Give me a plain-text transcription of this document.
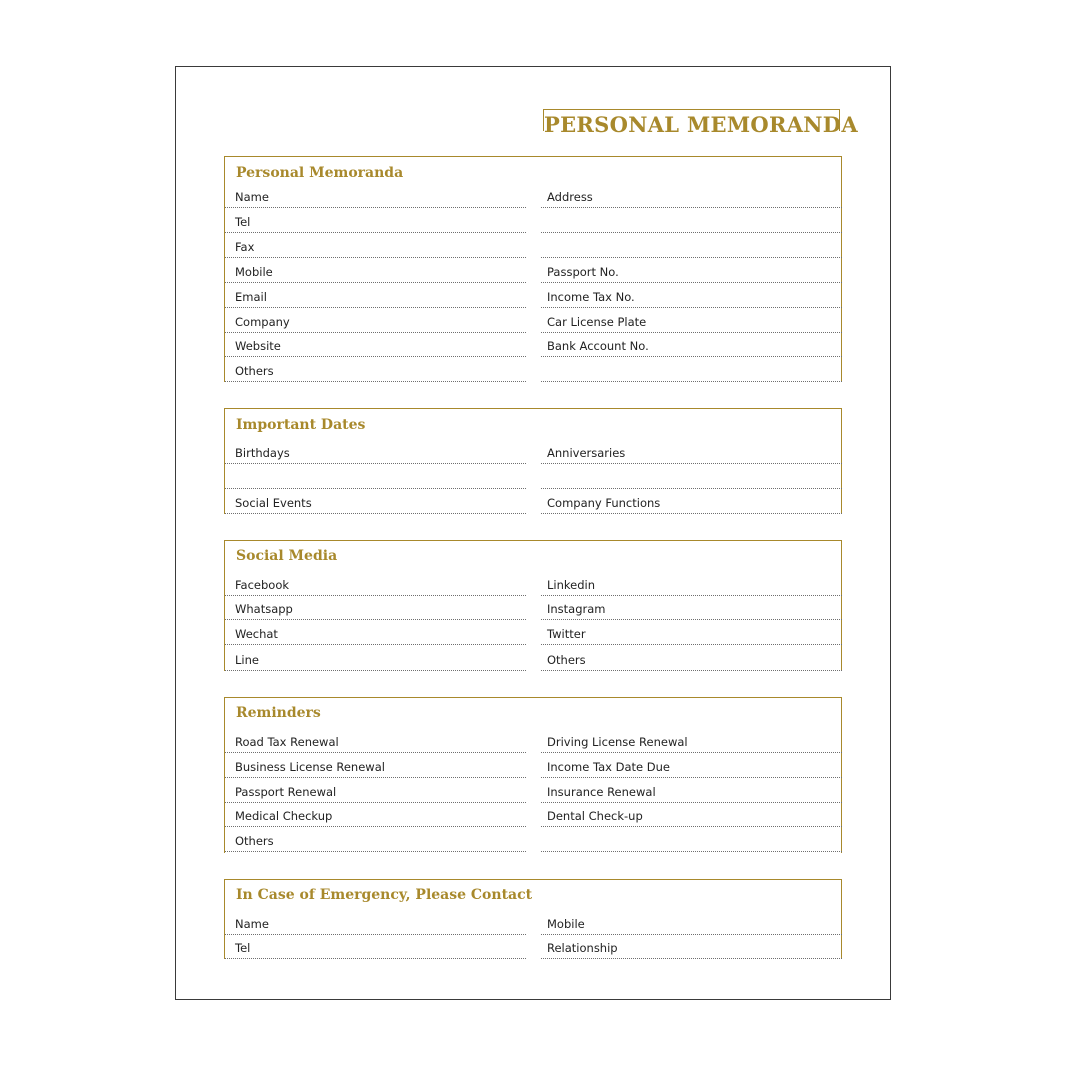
PERSONAL MEMORANDA
Personal Memoranda
Name
Tel
Fax
Mobile
Email
Company
Website
Others
Address
Passport No.
Income Tax No.
Car License Plate
Bank Account No.
Important Dates
Birthdays
Social Events
Anniversaries
Company Functions
Social Media
Facebook
Whatsapp
Wechat
Line
Linkedin
Instagram
Twitter
Others
Reminders
Road Tax Renewal
Business License Renewal
Passport Renewal
Medical Checkup
Others
Driving License Renewal
Income Tax Date Due
Insurance Renewal
Dental Check-up
In Case of Emergency, Please Contact
Name
Tel
Mobile
Relationship
